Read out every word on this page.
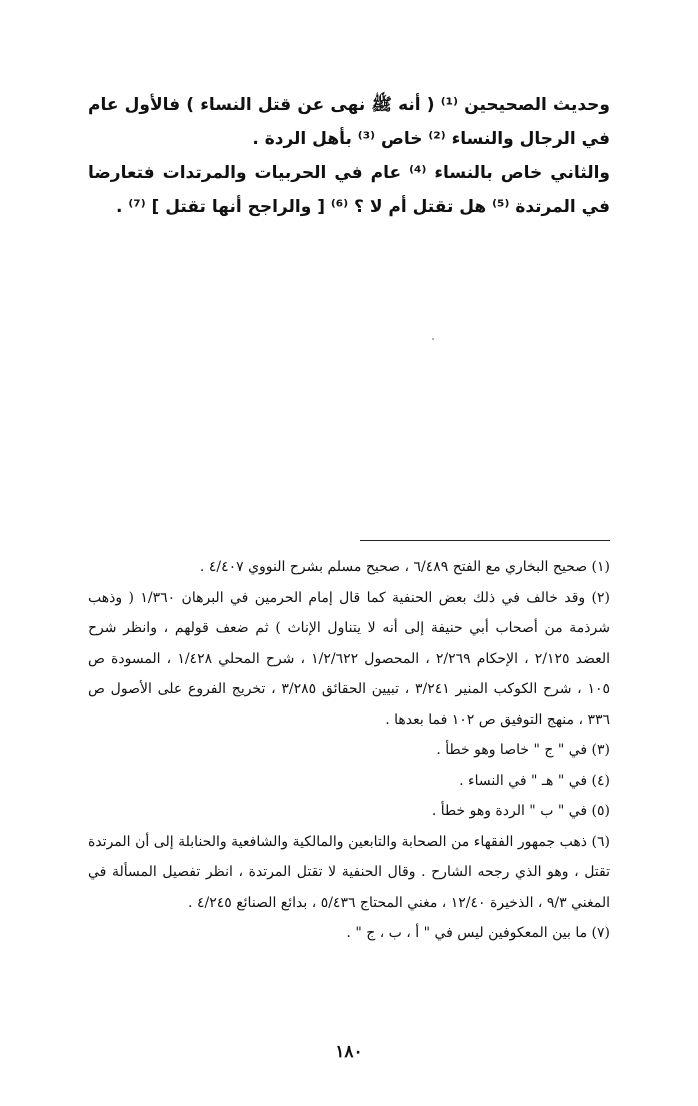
وحديث الصحيحين ⁽¹⁾ ( أنه ﷺ نهى عن قتل النساء ) فالأول عام في الرجال والنساء ⁽²⁾ خاص ⁽³⁾ بأهل الردة .

والثاني خاص بالنساء ⁽⁴⁾ عام في الحربيات والمرتدات فتعارضا في المرتدة ⁽⁵⁾ هل تقتل أم لا ؟ ⁽⁶⁾ [ والراجح أنها تقتل ] ⁽⁷⁾ .

(١) صحيح البخاري مع الفتح ٦/٤٨٩ ، صحيح مسلم بشرح النووي ٤/٤٠٧ .

(٢) وقد خالف في ذلك بعض الحنفية كما قال إمام الحرمين في البرهان ١/٣٦٠ ( وذهب شرذمة من أصحاب أبي حنيفة إلى أنه لا يتناول الإناث ) ثم ضعف قولهم ، وانظر شرح العضد ٢/١٢٥ ، الإحكام ٢/٢٦٩ ، المحصول ١/٢/٦٢٢ ، شرح المحلي ١/٤٢٨ ، المسودة ص ١٠٥ ، شرح الكوكب المنير ٣/٢٤١ ، تبيين الحقائق ٣/٢٨٥ ، تخريج الفروع على الأصول ص ٣٣٦ ، منهج التوفيق ص ١٠٢ فما بعدها .

(٣) في " ج " خاصا وهو خطأ .

(٤) في " هـ " في النساء .

(٥) في " ب " الردة وهو خطأ .

(٦) ذهب جمهور الفقهاء من الصحابة والتابعين والمالكية والشافعية والحنابلة إلى أن المرتدة تقتل ، وهو الذي رجحه الشارح . وقال الحنفية لا تقتل المرتدة ، انظر تفصيل المسألة في المغني ٩/٣ ، الذخيرة ١٢/٤٠ ، مغني المحتاج ٥/٤٣٦ ، بدائع الصنائع ٤/٢٤٥ .

(٧) ما بين المعكوفين ليس في " أ ، ب ، ج " .

١٨٠
